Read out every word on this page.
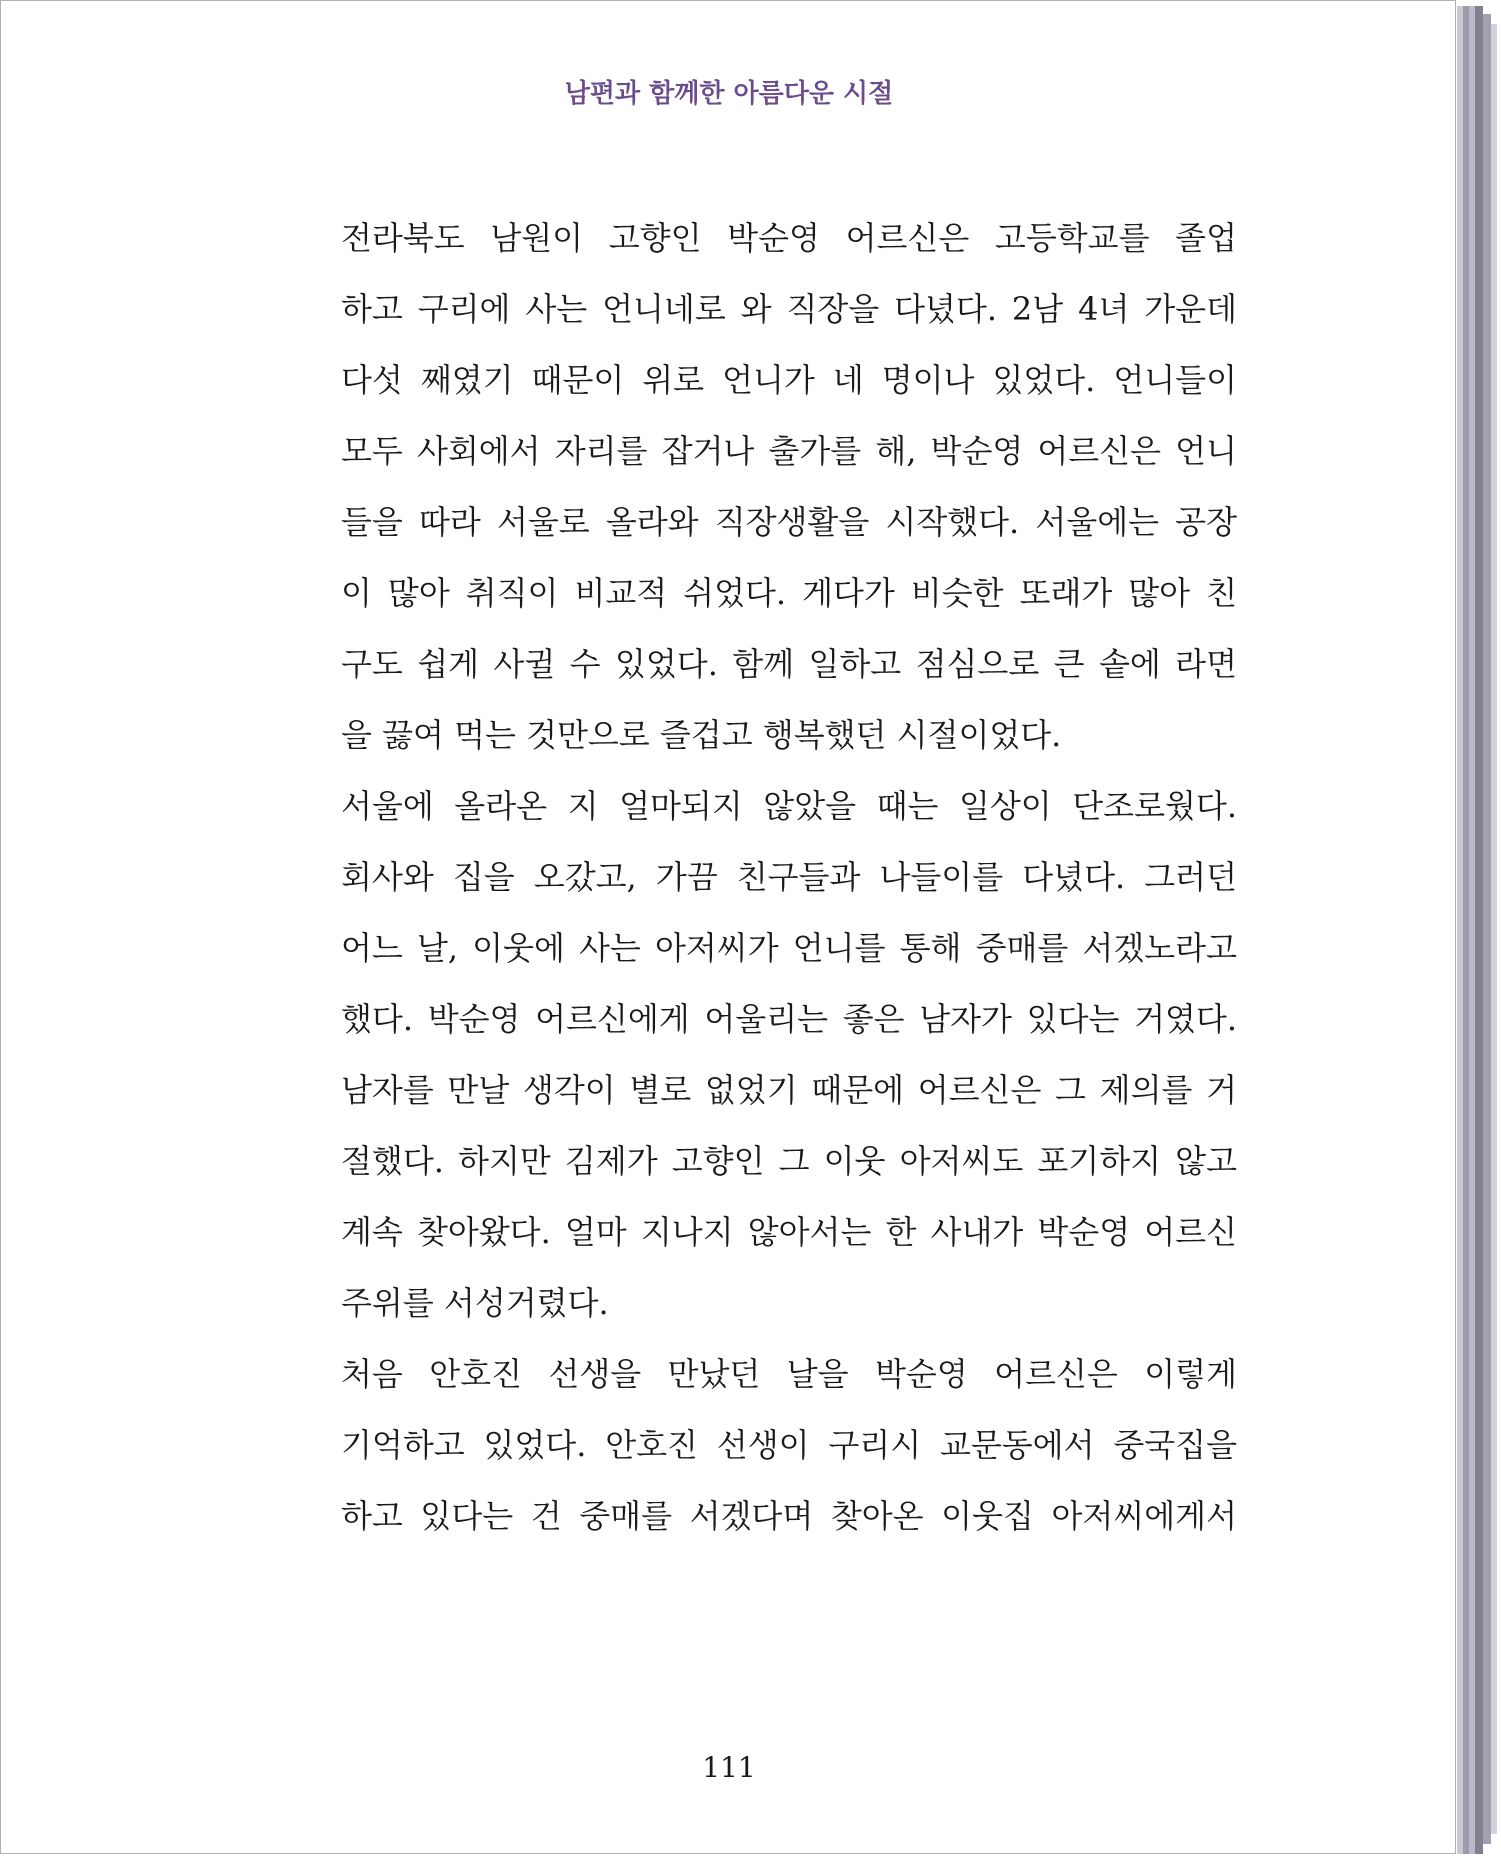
남편과 함께한 아름다운 시절
전라북도 남원이 고향인 박순영 어르신은 고등학교를 졸업
하고 구리에 사는 언니네로 와 직장을 다녔다. 2남 4녀 가운데
다섯 째였기 때문이 위로 언니가 네 명이나 있었다. 언니들이
모두 사회에서 자리를 잡거나 출가를 해, 박순영 어르신은 언니
들을 따라 서울로 올라와 직장생활을 시작했다. 서울에는 공장
이 많아 취직이 비교적 쉬었다. 게다가 비슷한 또래가 많아 친
구도 쉽게 사귈 수 있었다. 함께 일하고 점심으로 큰 솥에 라면
을 끓여 먹는 것만으로 즐겁고 행복했던 시절이었다.
서울에 올라온 지 얼마되지 않았을 때는 일상이 단조로웠다.
회사와 집을 오갔고, 가끔 친구들과 나들이를 다녔다. 그러던
어느 날, 이웃에 사는 아저씨가 언니를 통해 중매를 서겠노라고
했다. 박순영 어르신에게 어울리는 좋은 남자가 있다는 거였다.
남자를 만날 생각이 별로 없었기 때문에 어르신은 그 제의를 거
절했다. 하지만 김제가 고향인 그 이웃 아저씨도 포기하지 않고
계속 찾아왔다. 얼마 지나지 않아서는 한 사내가 박순영 어르신
주위를 서성거렸다.
처음 안호진 선생을 만났던 날을 박순영 어르신은 이렇게
기억하고 있었다. 안호진 선생이 구리시 교문동에서 중국집을
하고 있다는 건 중매를 서겠다며 찾아온 이웃집 아저씨에게서
111
